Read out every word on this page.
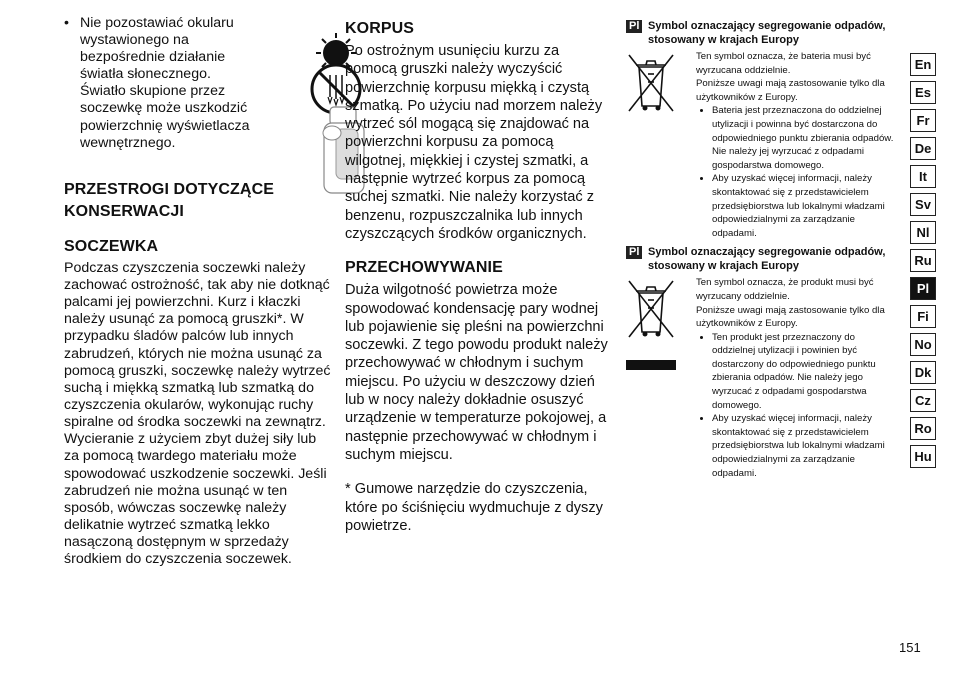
• Nie pozostawiać okularu wystawionego na bezpośrednie działanie światła słonecznego. Światło skupione przez soczewkę może uszkodzić powierzchnię wyświetlacza wewnętrznego.
PRZESTROGI DOTYCZĄCE
KONSERWACJI
SOCZEWKA

Podczas czyszczenia soczewki należy zachować ostrożność, tak aby nie dotknąć palcami jej powierzchni. Kurz i kłaczki należy usunąć za pomocą gruszki*. W przypadku śladów palców lub innych zabrudzeń, których nie można usunąć za pomocą gruszki, soczewkę należy wytrzeć suchą i miękką szmatką lub szmatką do czyszczenia okularów, wykonując ruchy spiralne od środka soczewki na zewnątrz. Wycieranie z użyciem zbyt dużej siły lub za pomocą twardego materiału może spowodować uszkodzenie soczewki. Jeśli zabrudzeń nie można usunąć w ten sposób, wówczas soczewkę należy delikatnie wytrzeć szmatką lekko nasączoną dostępnym w sprzedaży środkiem do czyszczenia soczewek.

KORPUS

Po ostrożnym usunięciu kurzu za pomocą gruszki należy wyczyścić powierzchnię korpusu miękką i czystą szmatką. Po użyciu nad morzem należy wytrzeć sól mogącą się znajdować na powierzchni korpusu za pomocą wilgotnej, miękkiej i czystej szmatki, a następnie wytrzeć korpus za pomocą suchej szmatki. Nie należy korzystać z benzenu, rozpuszczalnika lub innych czyszczących środków organicznych.

PRZECHOWYWANIE

Duża wilgotność powietrza może spowodować kondensację pary wodnej lub pojawienie się pleśni na powierzchni soczewki. Z tego powodu produkt należy przechowywać w chłodnym i suchym miejscu. Po użyciu w deszczowy dzień lub w nocy należy dokładnie osuszyć urządzenie w temperaturze pokojowej, a następnie przechowywać w chłodnym i suchym miejscu.

* Gumowe narzędzie do czyszczenia, które po ściśnięciu wydmuchuje z dyszy powietrze.

Pl Symbol oznaczający segregowanie odpadów, stosowany w krajach Europy

Ten symbol oznacza, że bateria musi być wyrzucana oddzielnie.

Poniższe uwagi mają zastosowanie tylko dla użytkowników z Europy.

• Bateria jest przeznaczona do oddzielnej utylizacji i powinna być dostarczona do odpowiedniego punktu zbierania odpadów. Nie należy jej wyrzucać z odpadami gospodarstwa domowego.
• Aby uzyskać więcej informacji, należy skontaktować się z przedstawicielem przedsiębiorstwa lub lokalnymi władzami odpowiedzialnymi za zarządzanie odpadami.
Pl Symbol oznaczający segregowanie odpadów, stosowany w krajach Europy

Ten symbol oznacza, że produkt musi być wyrzucany oddzielnie.

Poniższe uwagi mają zastosowanie tylko dla użytkowników z Europy.

• Ten produkt jest przeznaczony do oddzielnej utylizacji i powinien być dostarczony do odpowiedniego punktu zbierania odpadów. Nie należy jego wyrzucać z odpadami gospodarstwa domowego.
• Aby uzyskać więcej informacji, należy skontaktować się z przedstawicielem przedsiębiorstwa lub lokalnymi władzami odpowiedzialnymi za zarządzanie odpadami.
En
Es
Fr
De
It
Sv
Nl
Ru
Pl
Fi
No
Dk
Cz
Ro
Hu
151
